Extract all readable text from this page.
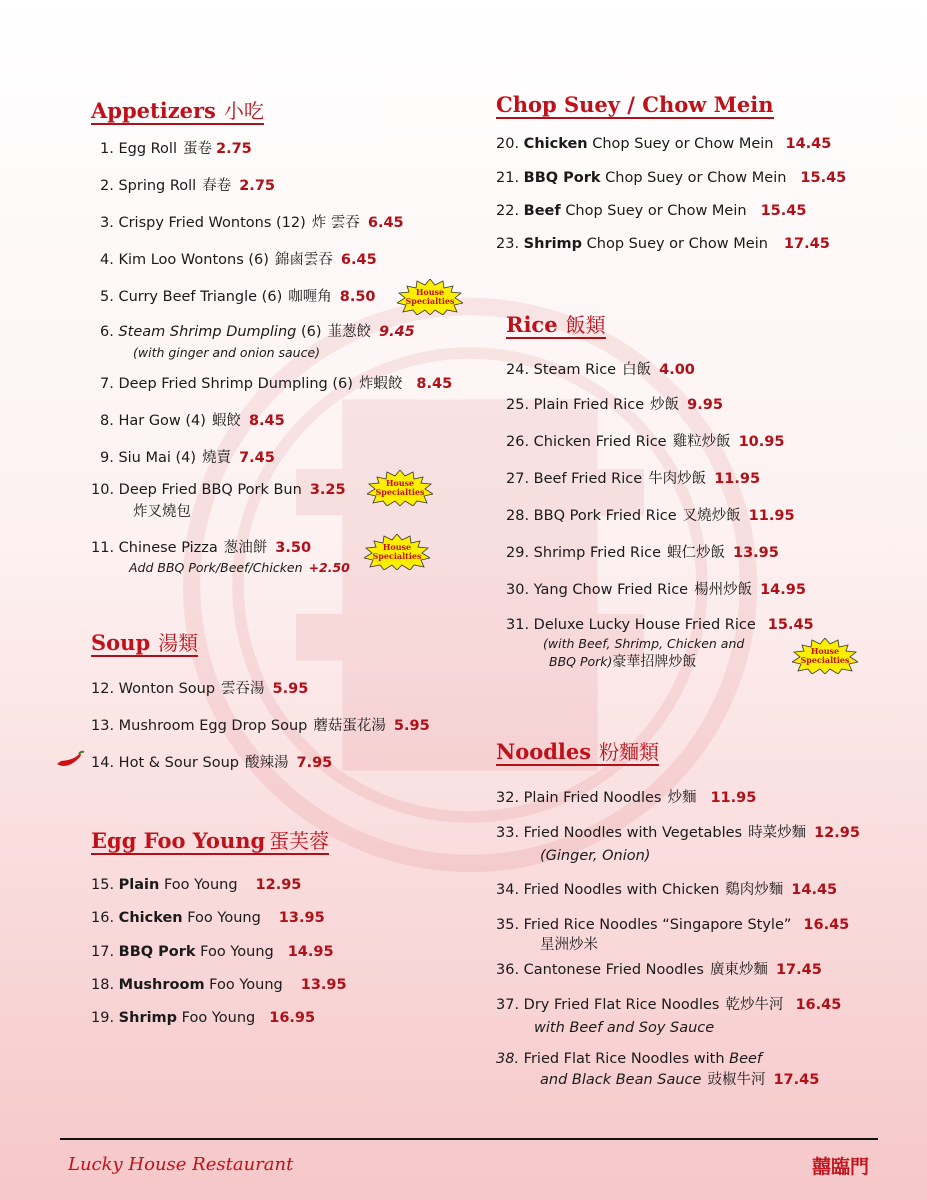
Appetizers 小吃
1. Egg Roll 蛋卷 2.75
2. Spring Roll 春卷 2.75
3. Crispy Fried Wontons (12) 炸 雲吞 6.45
4. Kim Loo Wontons (6) 錦鹵雲吞 6.45
5. Curry Beef Triangle (6) 咖喱角 8.50
6. Steam Shrimp Dumpling (6) 韮葱餃 9.45
(with ginger and onion sauce)
7. Deep Fried Shrimp Dumpling (6) 炸蝦餃 8.45
8. Har Gow (4) 蝦餃 8.45
9. Siu Mai (4) 燒賣 7.45
10. Deep Fried BBQ Pork Bun 3.25
炸叉燒包
11. Chinese Pizza 葱油餅 3.50
Add BBQ Pork/Beef/Chicken +2.50
Soup 湯類
12. Wonton Soup 雲吞湯 5.95
13. Mushroom Egg Drop Soup 蘑菇蛋花湯 5.95
14. Hot & Sour Soup 酸辣湯 7.95
Egg Foo Young 蛋芙蓉
15. Plain Foo Young 12.95
16. Chicken Foo Young 13.95
17. BBQ Pork Foo Young 14.95
18. Mushroom Foo Young 13.95
19. Shrimp Foo Young 16.95
Chop Suey / Chow Mein
20. Chicken Chop Suey or Chow Mein 14.45
21. BBQ Pork Chop Suey or Chow Mein 15.45
22. Beef Chop Suey or Chow Mein 15.45
23. Shrimp Chop Suey or Chow Mein 17.45
Rice 飯類
24. Steam Rice 白飯 4.00
25. Plain Fried Rice 炒飯 9.95
26. Chicken Fried Rice 雞粒炒飯 10.95
27. Beef Fried Rice 牛肉炒飯 11.95
28. BBQ Pork Fried Rice 叉燒炒飯 11.95
29. Shrimp Fried Rice 蝦仁炒飯 13.95
30. Yang Chow Fried Rice 楊州炒飯 14.95
31. Deluxe Lucky House Fried Rice 15.45
(with Beef, Shrimp, Chicken and
BBQ Pork)豪華招牌炒飯
Noodles 粉麵類
32. Plain Fried Noodles 炒麵 11.95
33. Fried Noodles with Vegetables 時菜炒麵 12.95
(Ginger, Onion)
34. Fried Noodles with Chicken 鷄肉炒麵 14.45
35. Fried Rice Noodles “Singapore Style” 16.45
星洲炒米
36. Cantonese Fried Noodles 廣東炒麵 17.45
37. Dry Fried Flat Rice Noodles 乾炒牛河 16.45
with Beef and Soy Sauce
38. Fried Flat Rice Noodles with Beef
and Black Bean Sauce 豉椒牛河 17.45
House
Specialties
House
Specialties
House
Specialties
House
Specialties
Lucky House Restaurant	囍臨門
